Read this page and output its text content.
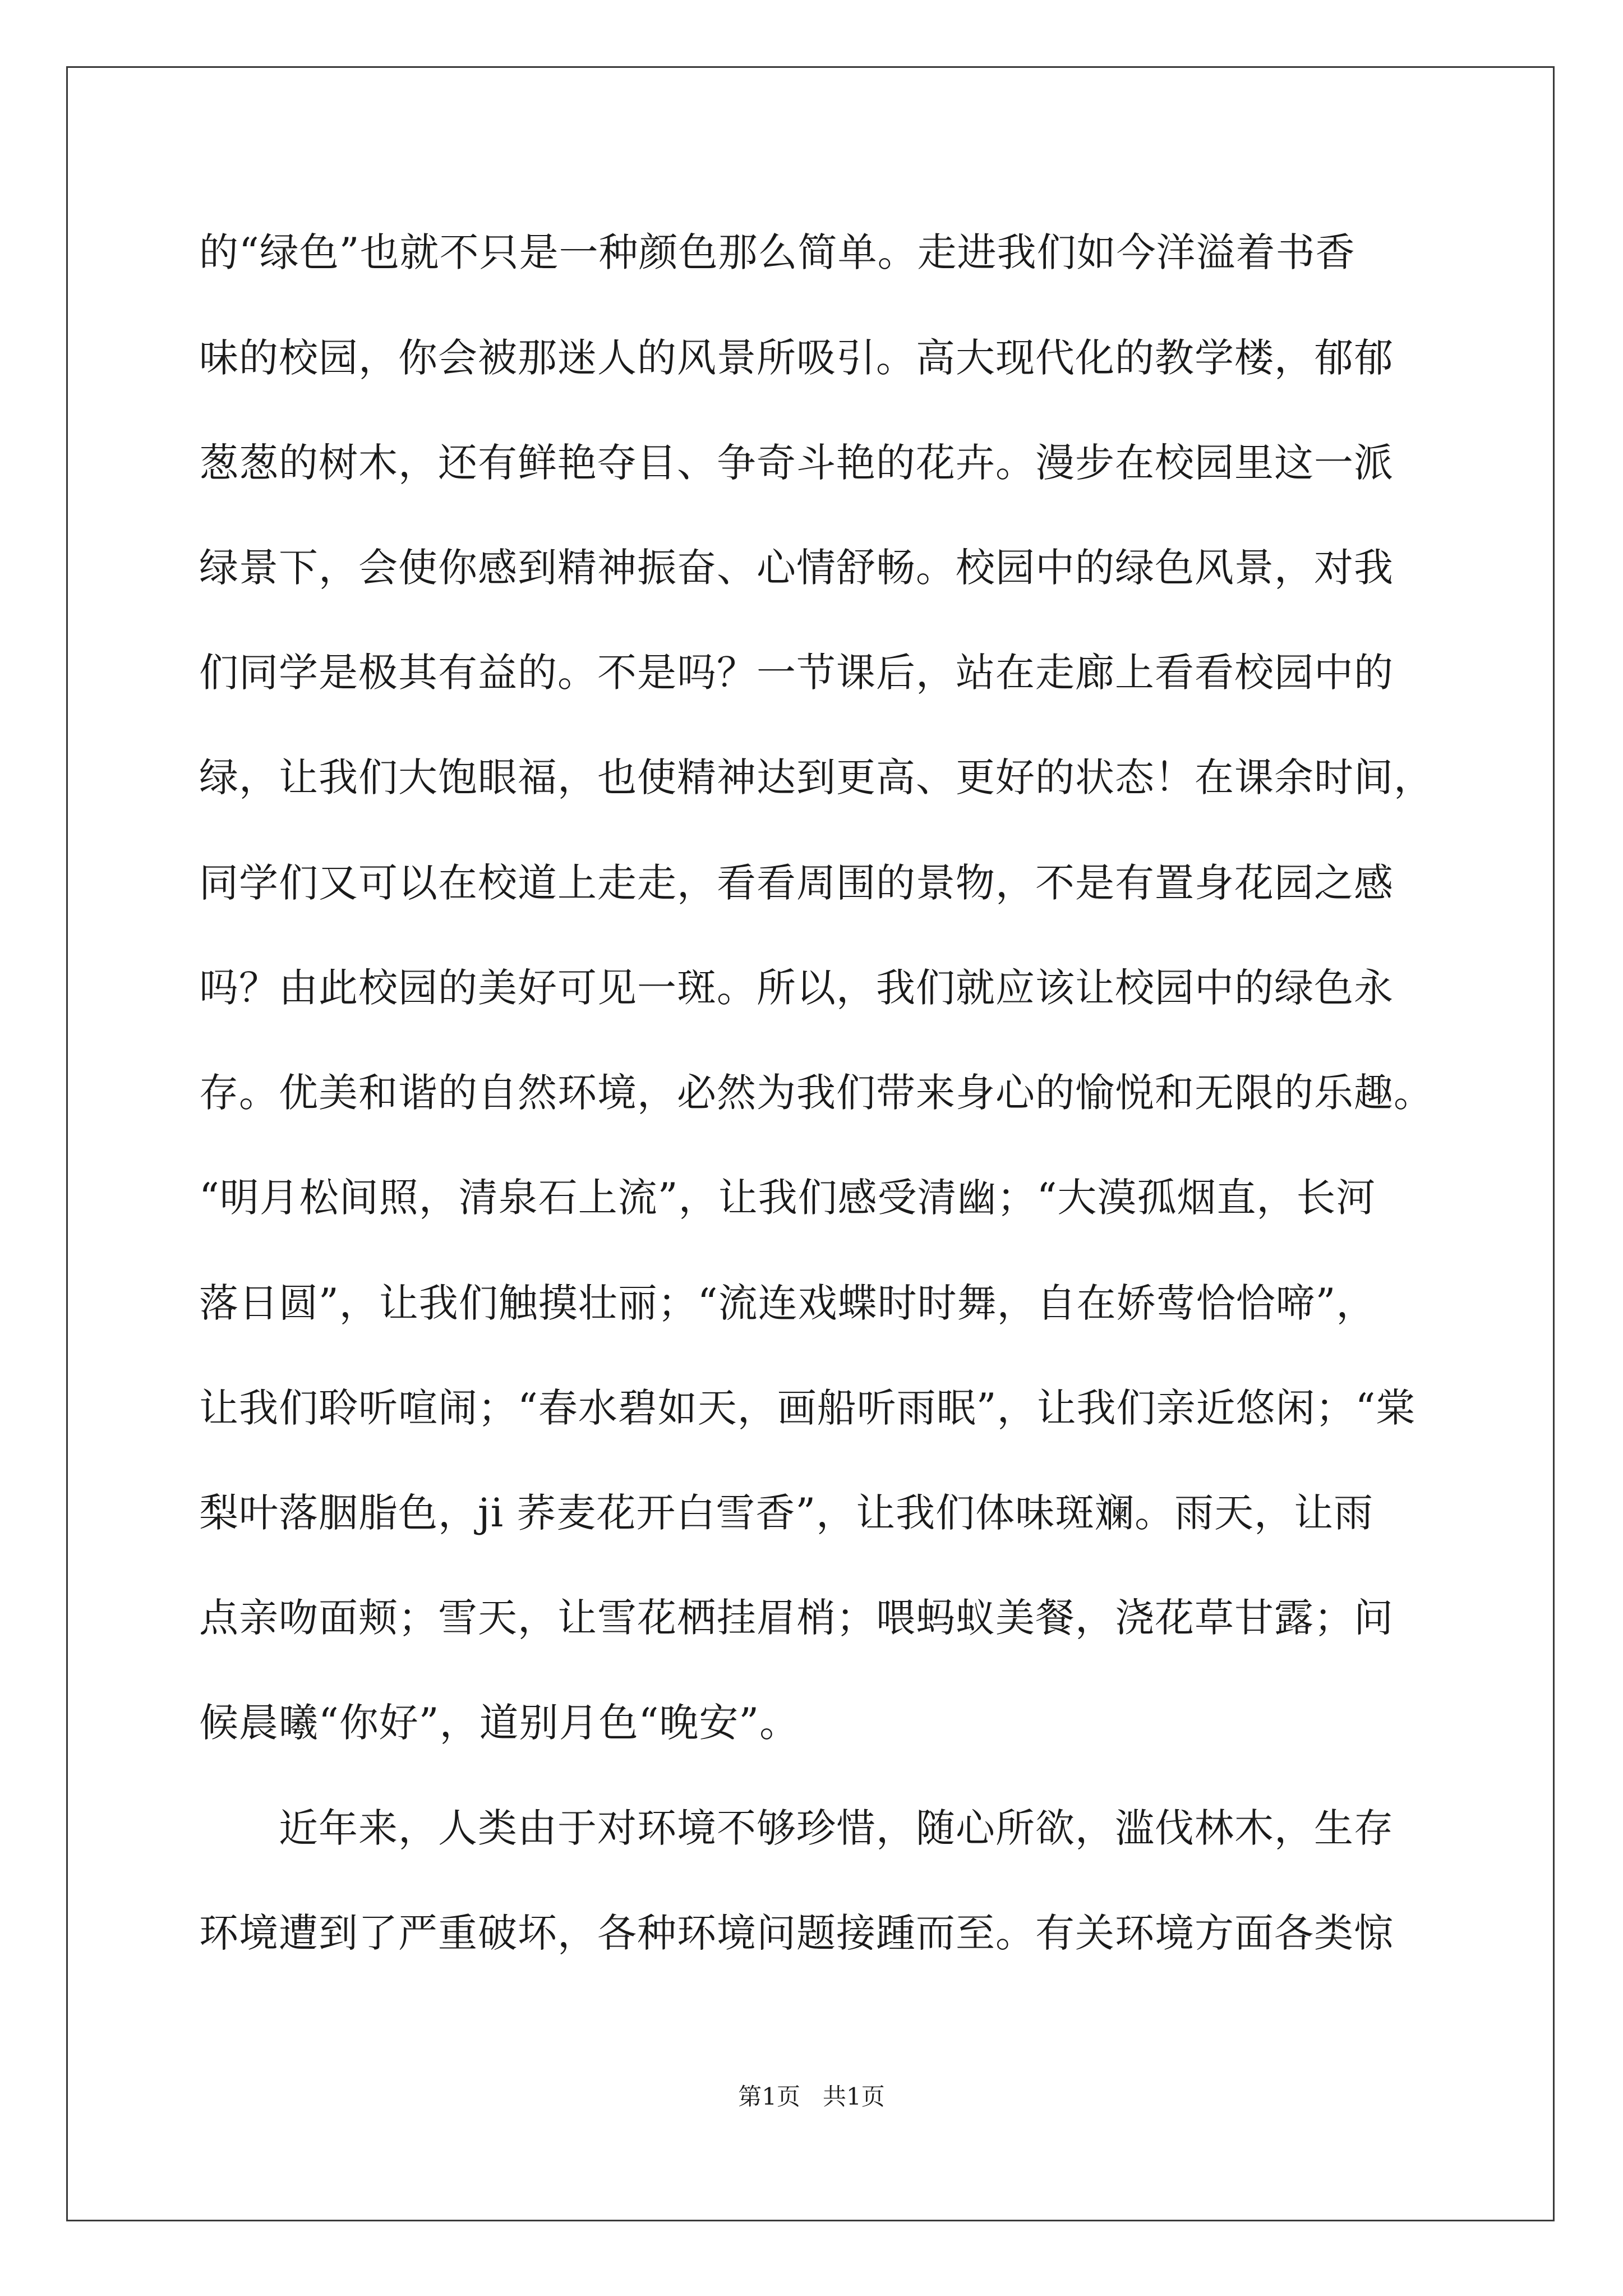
的“绿色”也就不只是一种颜色那么简单。走进我们如今洋溢着书香
味的校园，你会被那迷人的风景所吸引。高大现代化的教学楼，郁郁
葱葱的树木，还有鲜艳夺目、争奇斗艳的花卉。漫步在校园里这一派
绿景下，会使你感到精神振奋、心情舒畅。校园中的绿色风景，对我
们同学是极其有益的。不是吗？一节课后，站在走廊上看看校园中的
绿，让我们大饱眼福，也使精神达到更高、更好的状态！在课余时间，
同学们又可以在校道上走走，看看周围的景物，不是有置身花园之感
吗？由此校园的美好可见一斑。所以，我们就应该让校园中的绿色永
存。优美和谐的自然环境，必然为我们带来身心的愉悦和无限的乐趣。
“明月松间照，清泉石上流”，让我们感受清幽；“大漠孤烟直，长河
落日圆”，让我们触摸壮丽；“流连戏蝶时时舞，自在娇莺恰恰啼”，
让我们聆听喧闹；“春水碧如天，画船听雨眠”，让我们亲近悠闲；“棠
梨叶落胭脂色，ji 荞麦花开白雪香”，让我们体味斑斓。雨天，让雨
点亲吻面颊；雪天，让雪花栖挂眉梢；喂蚂蚁美餐，浇花草甘露；问
候晨曦“你好”，道别月色“晚安”。
近年来，人类由于对环境不够珍惜，随心所欲，滥伐林木，生存
环境遭到了严重破坏，各种环境问题接踵而至。有关环境方面各类惊
第1页   共1页
